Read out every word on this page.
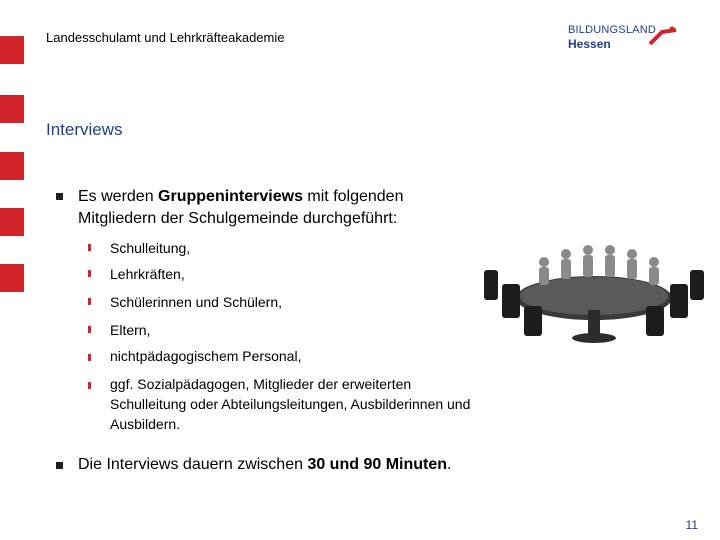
Landesschulamt und Lehrkräfteakademie	BILDUNGSLAND
Hessen
Interviews
Es werden Gruppeninterviews mit folgenden
Mitgliedern der Schulgemeinde durchgeführt:
Schulleitung,
Lehrkräften,
Schülerinnen und Schülern,
Eltern,
nichtpädagogischem Personal,
ggf. Sozialpädagogen, Mitglieder der erweiterten
Schulleitung oder Abteilungsleitungen, Ausbilderinnen und
Ausbildern.
Die Interviews dauern zwischen 30 und 90 Minuten.
11
